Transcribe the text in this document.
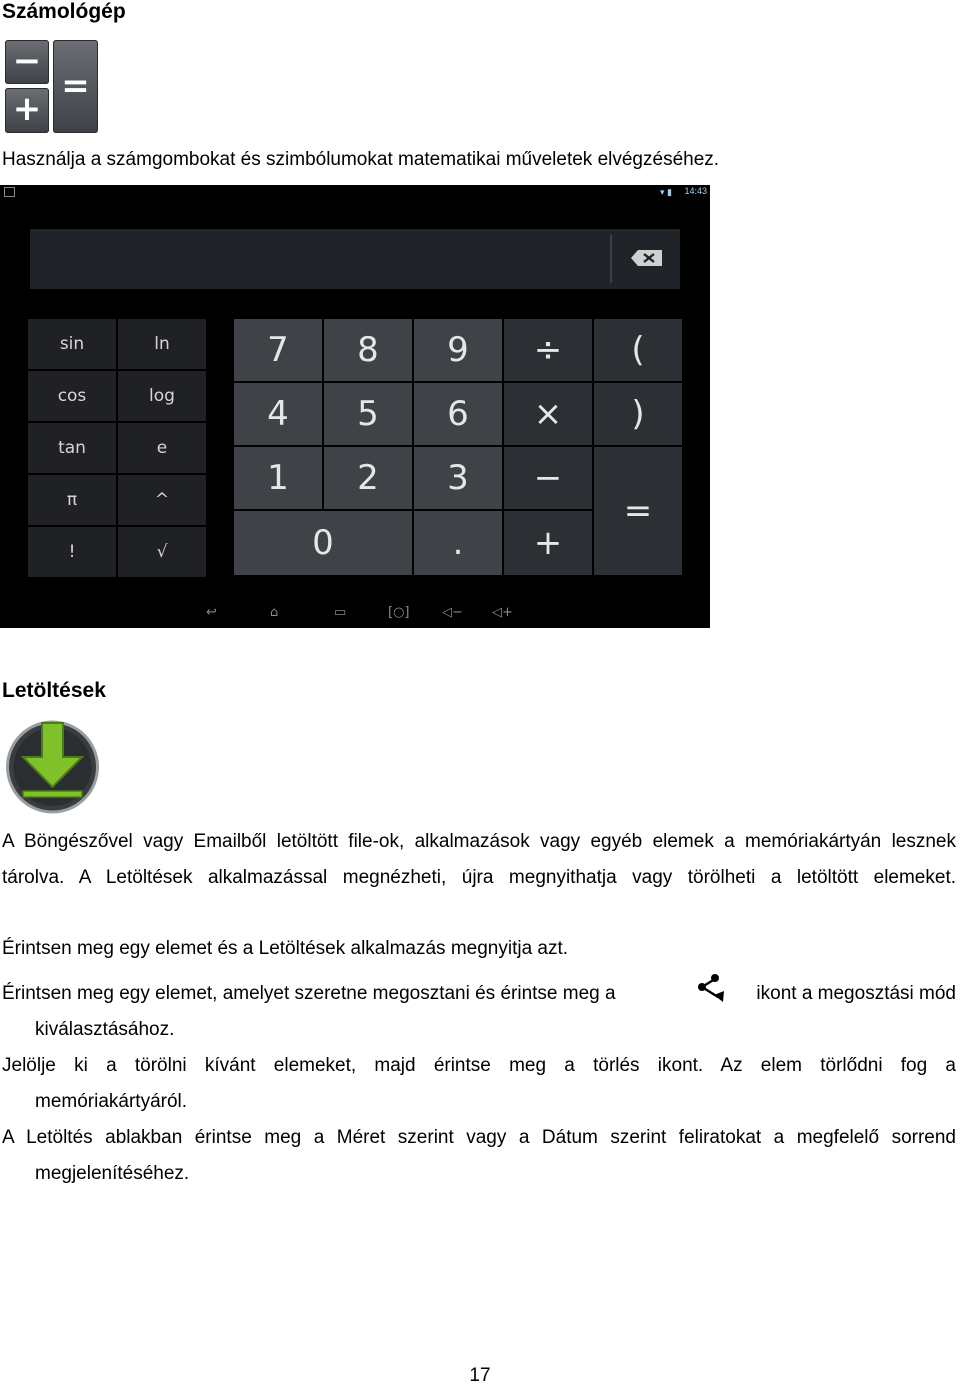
Számológép
−
+
=

Használja a számgombokat és szimbólumokat matematikai műveletek elvégzéséhez.

▾ ▮ 14:43
sin	ln
cos	log
tan	e
π	^
!	√
7	8	9	÷	(
4	5	6	×	)
1	2	3	−
=
0	.	+
↩	⌂	▭	[○]	◁− ◁+
Letöltések

A Böngészővel vagy Emailből letöltött file-ok, alkalmazások vagy egyéb elemek a memóriakártyán lesznek tárolva. A Letöltések alkalmazással megnézheti, újra megnyithatja vagy törölheti a letöltött elemeket.

Érintsen meg egy elemet és a Letöltések alkalmazás megnyitja azt.

Érintsen meg egy elemet, amelyet szeretne megosztani és érintse meg a	ikont a megosztási mód

kiválasztásához.

Jelölje ki a törölni kívánt elemeket, majd érintse meg a törlés ikont. Az elem törlődni fog a

memóriakártyáról.

A Letöltés ablakban érintse meg a Méret szerint vagy a Dátum szerint feliratokat a megfelelő sorrend

megjelenítéséhez.

17
